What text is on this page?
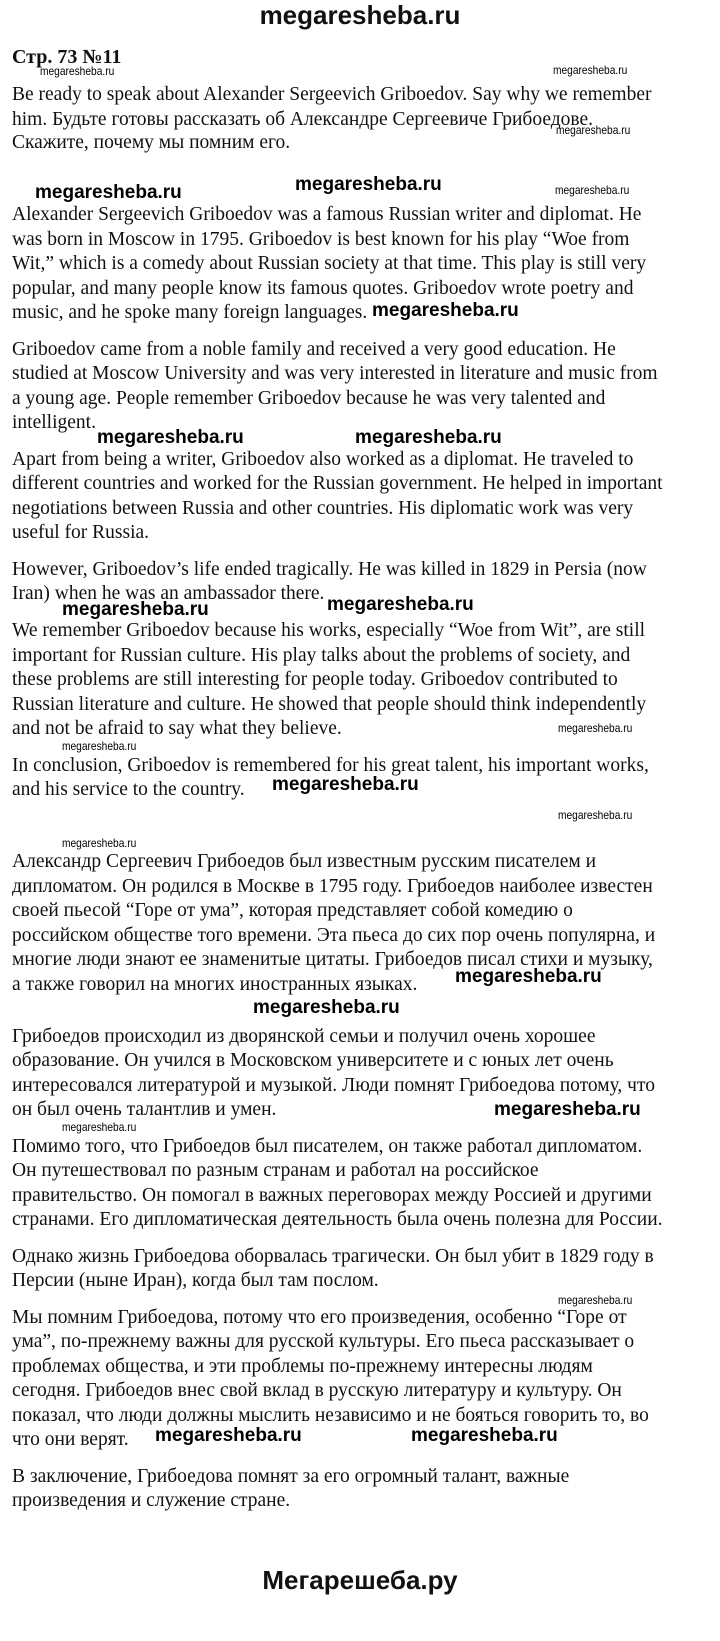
megaresheba.ru
Стр. 73 №11
Be ready to speak about Alexander Sergeevich Griboedov. Say why we remember
him. Будьте готовы рассказать об Александре Сергеевиче Грибоедове.
Скажите, почему мы помним его.
Alexander Sergeevich Griboedov was a famous Russian writer and diplomat. He
was born in Moscow in 1795. Griboedov is best known for his play “Woe from
Wit,” which is a comedy about Russian society at that time. This play is still very
popular, and many people know its famous quotes. Griboedov wrote poetry and
music, and he spoke many foreign languages.
Griboedov came from a noble family and received a very good education. He
studied at Moscow University and was very interested in literature and music from
a young age. People remember Griboedov because he was very talented and
intelligent.
Apart from being a writer, Griboedov also worked as a diplomat. He traveled to
different countries and worked for the Russian government. He helped in important
negotiations between Russia and other countries. His diplomatic work was very
useful for Russia.
However, Griboedov’s life ended tragically. He was killed in 1829 in Persia (now
Iran) when he was an ambassador there.
We remember Griboedov because his works, especially “Woe from Wit”, are still
important for Russian culture. His play talks about the problems of society, and
these problems are still interesting for people today. Griboedov contributed to
Russian literature and culture. He showed that people should think independently
and not be afraid to say what they believe.
In conclusion, Griboedov is remembered for his great talent, his important works,
and his service to the country.
Александр Сергеевич Грибоедов был известным русским писателем и
дипломатом. Он родился в Москве в 1795 году. Грибоедов наиболее известен
своей пьесой “Горе от ума”, которая представляет собой комедию о
российском обществе того времени. Эта пьеса до сих пор очень популярна, и
многие люди знают ее знаменитые цитаты. Грибоедов писал стихи и музыку,
а также говорил на многих иностранных языках.
Грибоедов происходил из дворянской семьи и получил очень хорошее
образование. Он учился в Московском университете и с юных лет очень
интересовался литературой и музыкой. Люди помнят Грибоедова потому, что
он был очень талантлив и умен.
Помимо того, что Грибоедов был писателем, он также работал дипломатом.
Он путешествовал по разным странам и работал на российское
правительство. Он помогал в важных переговорах между Россией и другими
странами. Его дипломатическая деятельность была очень полезна для России.
Однако жизнь Грибоедова оборвалась трагически. Он был убит в 1829 году в
Персии (ныне Иран), когда был там послом.
Мы помним Грибоедова, потому что его произведения, особенно “Горе от
ума”, по-прежнему важны для русской культуры. Его пьеса рассказывает о
проблемах общества, и эти проблемы по-прежнему интересны людям
сегодня. Грибоедов внес свой вклад в русскую литературу и культуру. Он
показал, что люди должны мыслить независимо и не бояться говорить то, во
что они верят.
В заключение, Грибоедова помнят за его огромный талант, важные
произведения и служение стране.
megaresheba.ru	megaresheba.ru
megaresheba.ru
megaresheba.ru	megaresheba.ru
megaresheba.ru	megaresheba.ru
megaresheba.ru
megaresheba.ru
megaresheba.ru
megaresheba.ru
megaresheba.ru	megaresheba.ru
megaresheba.ru	megaresheba.ru
megaresheba.ru
megaresheba.ru
megaresheba.ru
megaresheba.ru
megaresheba.ru
megaresheba.ru
megaresheba.ru
megaresheba.ru
Мегарешеба.ру
